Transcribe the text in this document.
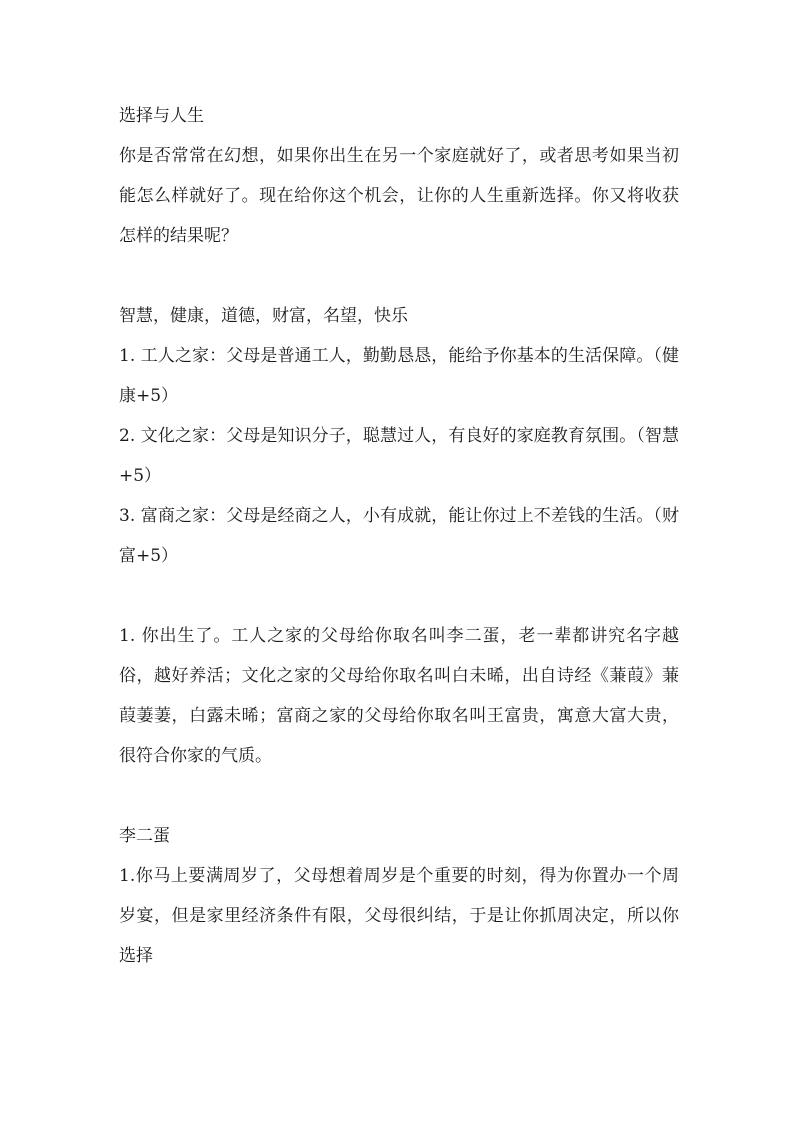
选择与人生

你是否常常在幻想，如果你出生在另一个家庭就好了，或者思考如果当初能怎么样就好了。现在给你这个机会，让你的人生重新选择。你又将收获怎样的结果呢？

智慧，健康，道德，财富，名望，快乐

1. 工人之家：父母是普通工人，勤勤恳恳，能给予你基本的生活保障。（健康+5）

2. 文化之家：父母是知识分子，聪慧过人，有良好的家庭教育氛围。（智慧+5）

3. 富商之家：父母是经商之人，小有成就，能让你过上不差钱的生活。（财富+5）

1. 你出生了。工人之家的父母给你取名叫李二蛋，老一辈都讲究名字越俗，越好养活；文化之家的父母给你取名叫白未晞，出自诗经《蒹葭》蒹葭萋萋，白露未晞；富商之家的父母给你取名叫王富贵，寓意大富大贵，很符合你家的气质。

李二蛋

1.你马上要满周岁了，父母想着周岁是个重要的时刻，得为你置办一个周岁宴，但是家里经济条件有限，父母很纠结，于是让你抓周决定，所以你选择
